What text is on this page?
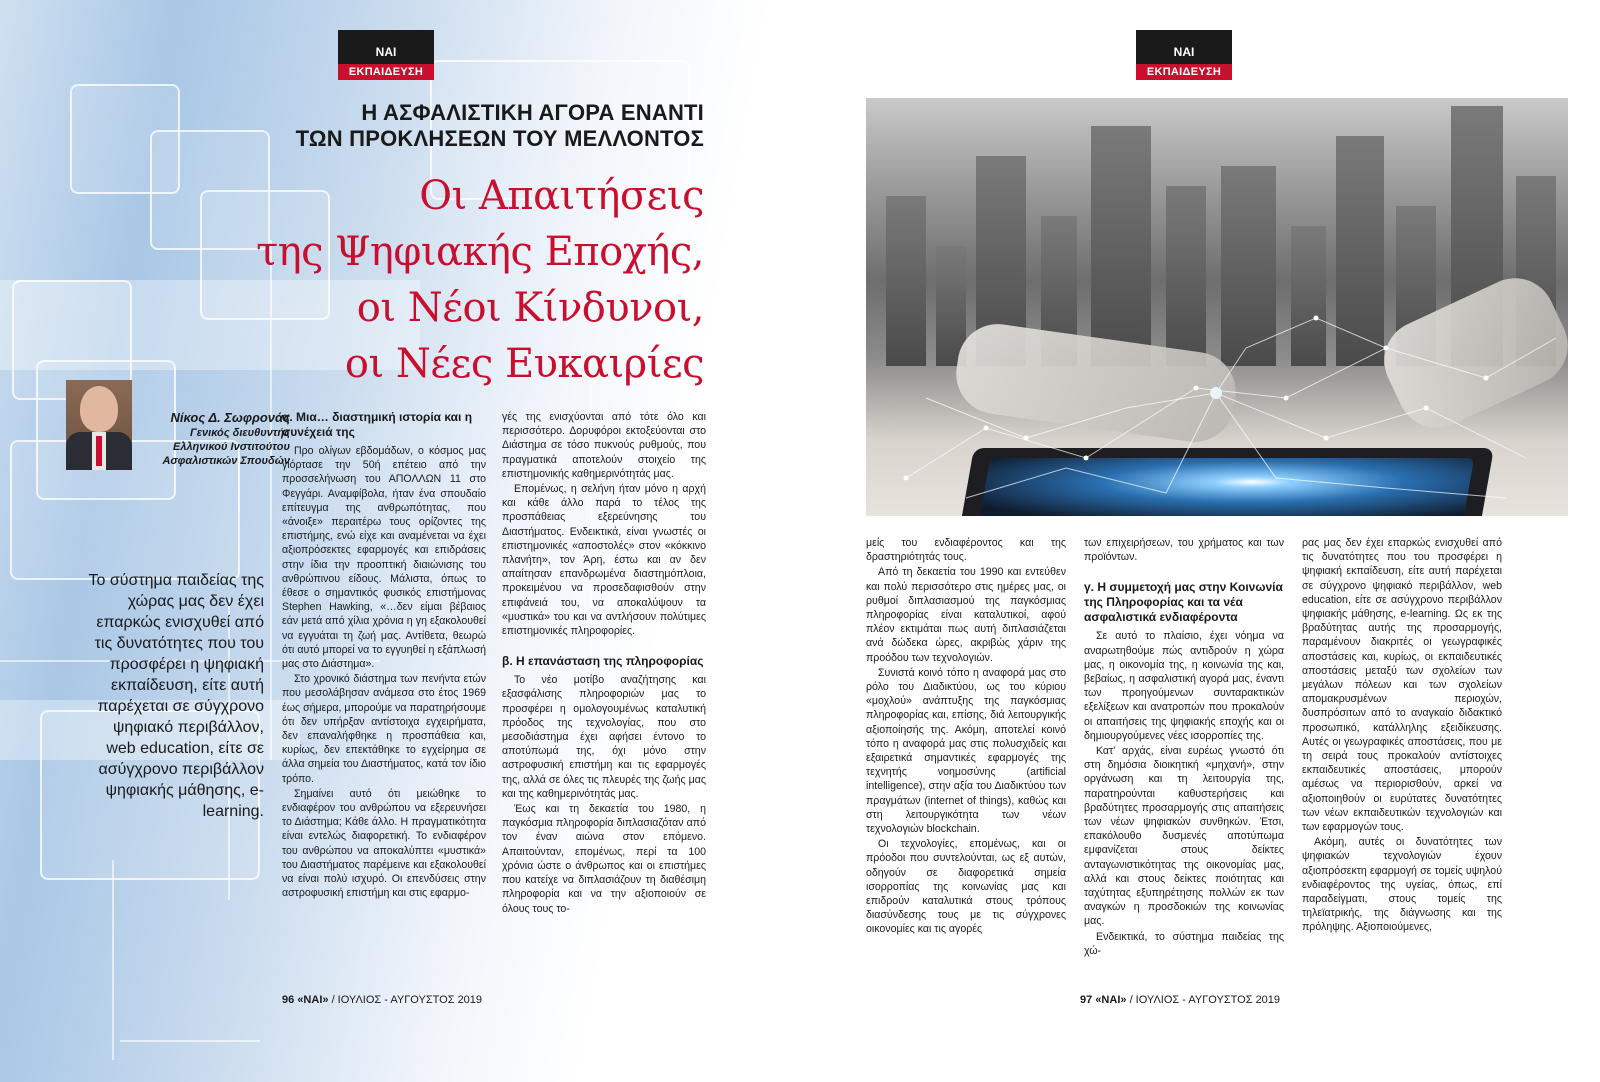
ΝΑΙ
ΕΚΠΑΙΔΕΥΣΗ
Η ΑΣΦΑΛΙΣΤΙΚΗ ΑΓΟΡΑ ΕΝΑΝΤΙ
ΤΩΝ ΠΡΟΚΛΗΣΕΩΝ ΤΟΥ ΜΕΛΛΟΝΤΟΣ
Οι Απαιτήσεις
της Ψηφιακής Εποχής,
οι Νέοι Κίνδυνοι,
οι Νέες Ευκαιρίες
Νίκος Δ. Σωφρονάς
Γενικός διευθυντής
Ελληνικού Ινστιτούτου
Ασφαλιστικών Σπουδών
Το σύστημα παιδείας της χώρας μας δεν έχει επαρκώς ενισχυθεί από τις δυνατότητες που του προσφέρει η ψηφιακή εκπαίδευση, είτε αυτή παρέχεται σε σύγχρονο ψηφιακό περιβάλλον, web education, είτε σε ασύγχρονο περιβάλλον ψηφιακής μάθησης, e-learning.
α. Μια… διαστημική ιστορία και η συνέχειά της

Προ ολίγων εβδομάδων, ο κόσμος μας γιόρτασε την 50ή επέτειο από την προσσελήνωση του ΑΠΟΛΛΩΝ 11 στο Φεγγάρι. Αναμφίβολα, ήταν ένα σπουδαίο επίτευγμα της ανθρωπότητας, που «άνοιξε» περαιτέρω τους ορίζοντες της επιστήμης, ενώ είχε και αναμένεται να έχει αξιοπρόσεκτες εφαρμογές και επιδράσεις στην ίδια την προοπτική διαιώνισης του ανθρώπινου είδους. Μάλιστα, όπως το έθεσε ο σημαντικός φυσικός επιστήμονας Stephen Hawking, «…δεν είμαι βέβαιος εάν μετά από χίλια χρόνια η γη εξακολουθεί να εγγυάται τη ζωή μας. Αντίθετα, θεωρώ ότι αυτό μπορεί να το εγγυηθεί η εξάπλωσή μας στο Διάστημα».

Στο χρονικό διάστημα των πενήντα ετών που μεσολάβησαν ανάμεσα στο έτος 1969 έως σήμερα, μπορούμε να παρατηρήσουμε ότι δεν υπήρξαν αντίστοιχα εγχειρήματα, δεν επαναλήφθηκε η προσπάθεια και, κυρίως, δεν επεκτάθηκε το εγχείρημα σε άλλα σημεία του Διαστήματος, κατά τον ίδιο τρόπο.

Σημαίνει αυτό ότι μειώθηκε το ενδιαφέρον του ανθρώπου να εξερευνήσει το Διάστημα; Κάθε άλλο. Η πραγματικότητα είναι εντελώς διαφορετική. Το ενδιαφέρον του ανθρώπου να αποκαλύπτει «μυστικά» του Διαστήματος παρέμεινε και εξακολουθεί να είναι πολύ ισχυρό. Οι επενδύσεις στην αστροφυσική επιστήμη και στις εφαρμο-

γές της ενισχύονται από τότε όλο και περισσότερο. Δορυφόροι εκτοξεύονται στο Διάστημα σε τόσο πυκνούς ρυθμούς, που πραγματικά αποτελούν στοιχείο της επιστημονικής καθημερινότητάς μας.

Επομένως, η σελήνη ήταν μόνο η αρχή και κάθε άλλο παρά το τέλος της προσπάθειας εξερεύνησης του Διαστήματος. Ενδεικτικά, είναι γνωστές οι επιστημονικές «αποστολές» στον «κόκκινο πλανήτη», τον Άρη, έστω και αν δεν απαίτησαν επανδρωμένα διαστημόπλοια, προκειμένου να προσεδαφισθούν στην επιφάνειά του, να αποκαλύψουν τα «μυστικά» του και να αντλήσουν πολύτιμες επιστημονικές πληροφορίες.

β. Η επανάσταση της πληροφορίας

Το νέο μοτίβο αναζήτησης και εξασφάλισης πληροφοριών μας το προσφέρει η ομολογουμένως καταλυτική πρόοδος της τεχνολογίας, που στο μεσοδιάστημα έχει αφήσει έντονο το αποτύπωμά της, όχι μόνο στην αστροφυσική επιστήμη και τις εφαρμογές της, αλλά σε όλες τις πλευρές της ζωής μας και της καθημερινότητάς μας.

Έως και τη δεκαετία του 1980, η παγκόσμια πληροφορία διπλασιαζόταν από τον έναν αιώνα στον επόμενο. Απαιτούνταν, επομένως, περί τα 100 χρόνια ώστε ο άνθρωπος και οι επιστήμες που κατείχε να διπλασιάζουν τη διαθέσιμη πληροφορία και να την αξιοποιούν σε όλους τους το-

96 «ΝΑΙ» / ΙΟΥΛΙΟΣ - ΑΥΓΟΥΣΤΟΣ 2019
ΝΑΙ
ΕΚΠΑΙΔΕΥΣΗ

μείς του ενδιαφέροντος και της δραστηριότητάς τους.

Από τη δεκαετία του 1990 και εντεύθεν και πολύ περισσότερο στις ημέρες μας, οι ρυθμοί διπλασιασμού της παγκόσμιας πληροφορίας είναι καταλυτικοί, αφού πλέον εκτιμάται πως αυτή διπλασιάζεται ανά δώδεκα ώρες, ακριβώς χάριν της προόδου των τεχνολογιών.

Συνιστά κοινό τόπο η αναφορά μας στο ρόλο του Διαδικτύου, ως του κύριου «μοχλού» ανάπτυξης της παγκόσμιας πληροφορίας και, επίσης, διά λειτουργικής αξιοποίησής της. Ακόμη, αποτελεί κοινό τόπο η αναφορά μας στις πολυσχιδείς και εξαιρετικά σημαντικές εφαρμογές της τεχνητής νοημοσύνης (artificial intelligence), στην αξία του Διαδικτύου των πραγμάτων (internet of things), καθώς και στη λειτουργικότητα των νέων τεχνολογιών blockchain.

Οι τεχνολογίες, επομένως, και οι πρόοδοι που συντελούνται, ως εξ αυτών, οδηγούν σε διαφορετικά σημεία ισορροπίας της κοινωνίας μας και επιδρούν καταλυτικά στους τρόπους διασύνδεσης τους με τις σύγχρονες οικονομίες και τις αγορές

των επιχειρήσεων, του χρήματος και των προϊόντων.

γ. Η συμμετοχή μας στην Κοινωνία της Πληροφορίας και τα νέα ασφαλιστικά ενδιαφέροντα

Σε αυτό το πλαίσιο, έχει νόημα να αναρωτηθούμε πώς αντιδρούν η χώρα μας, η οικονομία της, η κοινωνία της και, βεβαίως, η ασφαλιστική αγορά μας, έναντι των προηγούμενων συνταρακτικών εξελίξεων και ανατροπών που προκαλούν οι απαιτήσεις της ψηφιακής εποχής και οι δημιουργούμενες νέες ισορροπίες της.

Κατ' αρχάς, είναι ευρέως γνωστό ότι στη δημόσια διοικητική «μηχανή», στην οργάνωση και τη λειτουργία της, παρατηρούνται καθυστερήσεις και βραδύτητες προσαρμογής στις απαιτήσεις των νέων ψηφιακών συνθηκών. Έτσι, επακόλουθο δυσμενές αποτύπωμα εμφανίζεται στους δείκτες ανταγωνιστικότητας της οικονομίας μας, αλλά και στους δείκτες ποιότητας και ταχύτητας εξυπηρέτησης πολλών εκ των αναγκών η προσδοκιών της κοινωνίας μας.

Ενδεικτικά, το σύστημα παιδείας της χώ-

ρας μας δεν έχει επαρκώς ενισχυθεί από τις δυνατότητες που του προσφέρει η ψηφιακή εκπαίδευση, είτε αυτή παρέχεται σε σύγχρονο ψηφιακό περιβάλλον, web education, είτε σε ασύγχρονο περιβάλλον ψηφιακής μάθησης, e-learning. Ως εκ της βραδύτητας αυτής της προσαρμογής, παραμένουν διακριτές οι γεωγραφικές αποστάσεις και, κυρίως, οι εκπαιδευτικές αποστάσεις μεταξύ των σχολείων των μεγάλων πόλεων και των σχολείων απομακρυσμένων περιοχών, δυσπρόσιτων από το αναγκαίο διδακτικό προσωπικό, κατάλληλης εξειδίκευσης. Αυτές οι γεωγραφικές αποστάσεις, που με τη σειρά τους προκαλούν αντίστοιχες εκπαιδευτικές αποστάσεις, μπορούν αμέσως να περιορισθούν, αρκεί να αξιοποιηθούν οι ευρύτατες δυνατότητες των νέων εκπαιδευτικών τεχνολογιών και των εφαρμογών τους.

Ακόμη, αυτές οι δυνατότητες των ψηφιακών τεχνολογιών έχουν αξιοπρόσεκτη εφαρμογή σε τομείς υψηλού ενδιαφέροντος της υγείας, όπως, επί παραδείγματι, στους τομείς της τηλεϊατρικής, της διάγνωσης και της πρόληψης. Αξιοποιούμενες,

97 «ΝΑΙ» / ΙΟΥΛΙΟΣ - ΑΥΓΟΥΣΤΟΣ 2019
